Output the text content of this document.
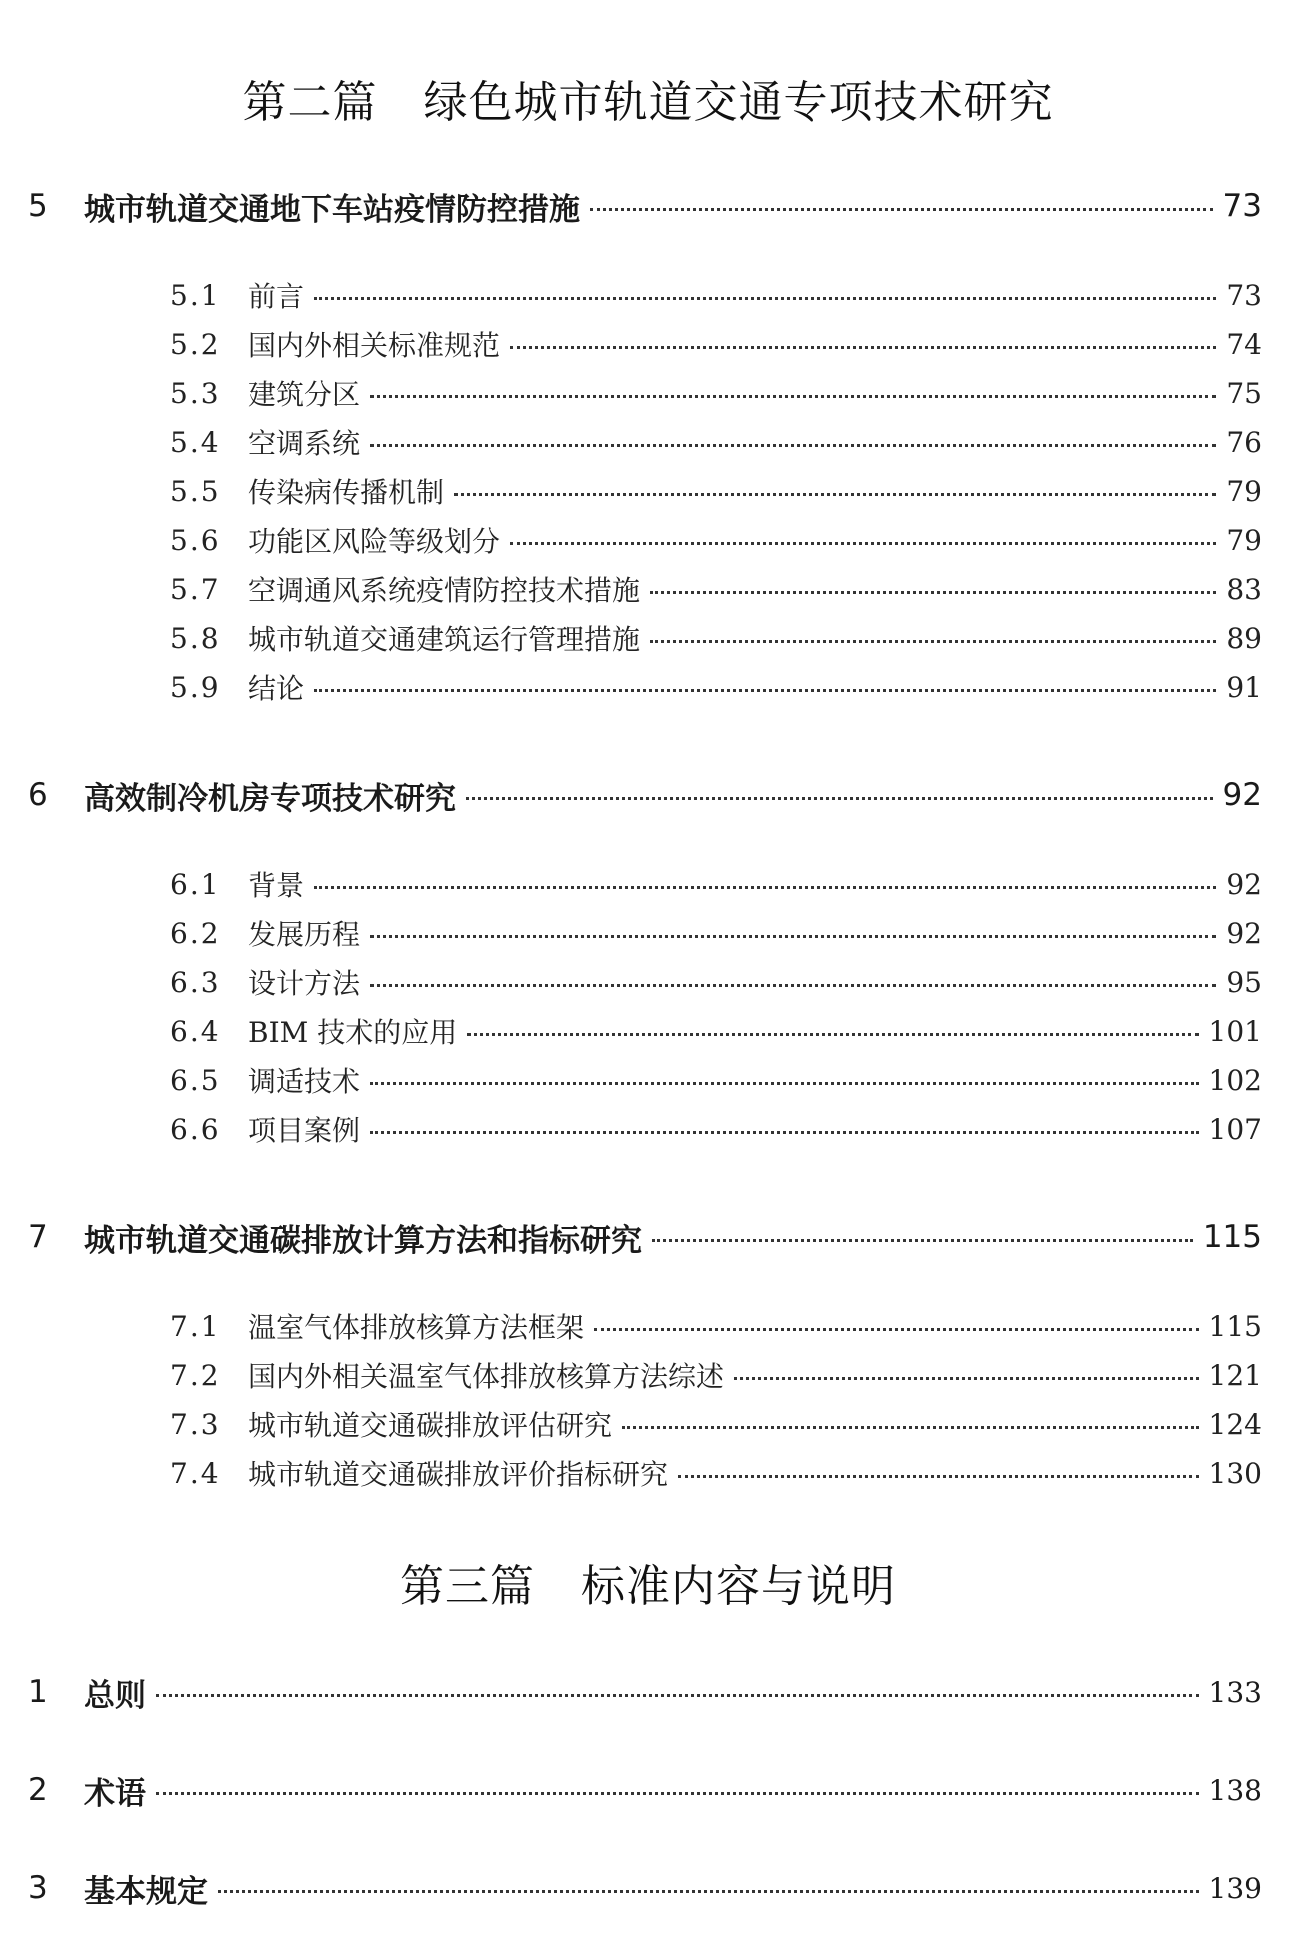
第二篇 绿色城市轨道交通专项技术研究
5	城市轨道交通地下车站疫情防控措施	73
5.1 前言	73
5.2 国内外相关标准规范	74
5.3 建筑分区	75
5.4 空调系统	76
5.5 传染病传播机制	79
5.6 功能区风险等级划分	79
5.7 空调通风系统疫情防控技术措施	83
5.8 城市轨道交通建筑运行管理措施	89
5.9 结论	91
6	高效制冷机房专项技术研究	92
6.1 背景	92
6.2 发展历程	92
6.3 设计方法	95
6.4 BIM 技术的应用	101
6.5 调适技术	102
6.6 项目案例	107
7	城市轨道交通碳排放计算方法和指标研究	115
7.1 温室气体排放核算方法框架	115
7.2 国内外相关温室气体排放核算方法综述	121
7.3 城市轨道交通碳排放评估研究	124
7.4 城市轨道交通碳排放评价指标研究	130
第三篇 标准内容与说明
1	总则	133
2	术语	138
3	基本规定	139
